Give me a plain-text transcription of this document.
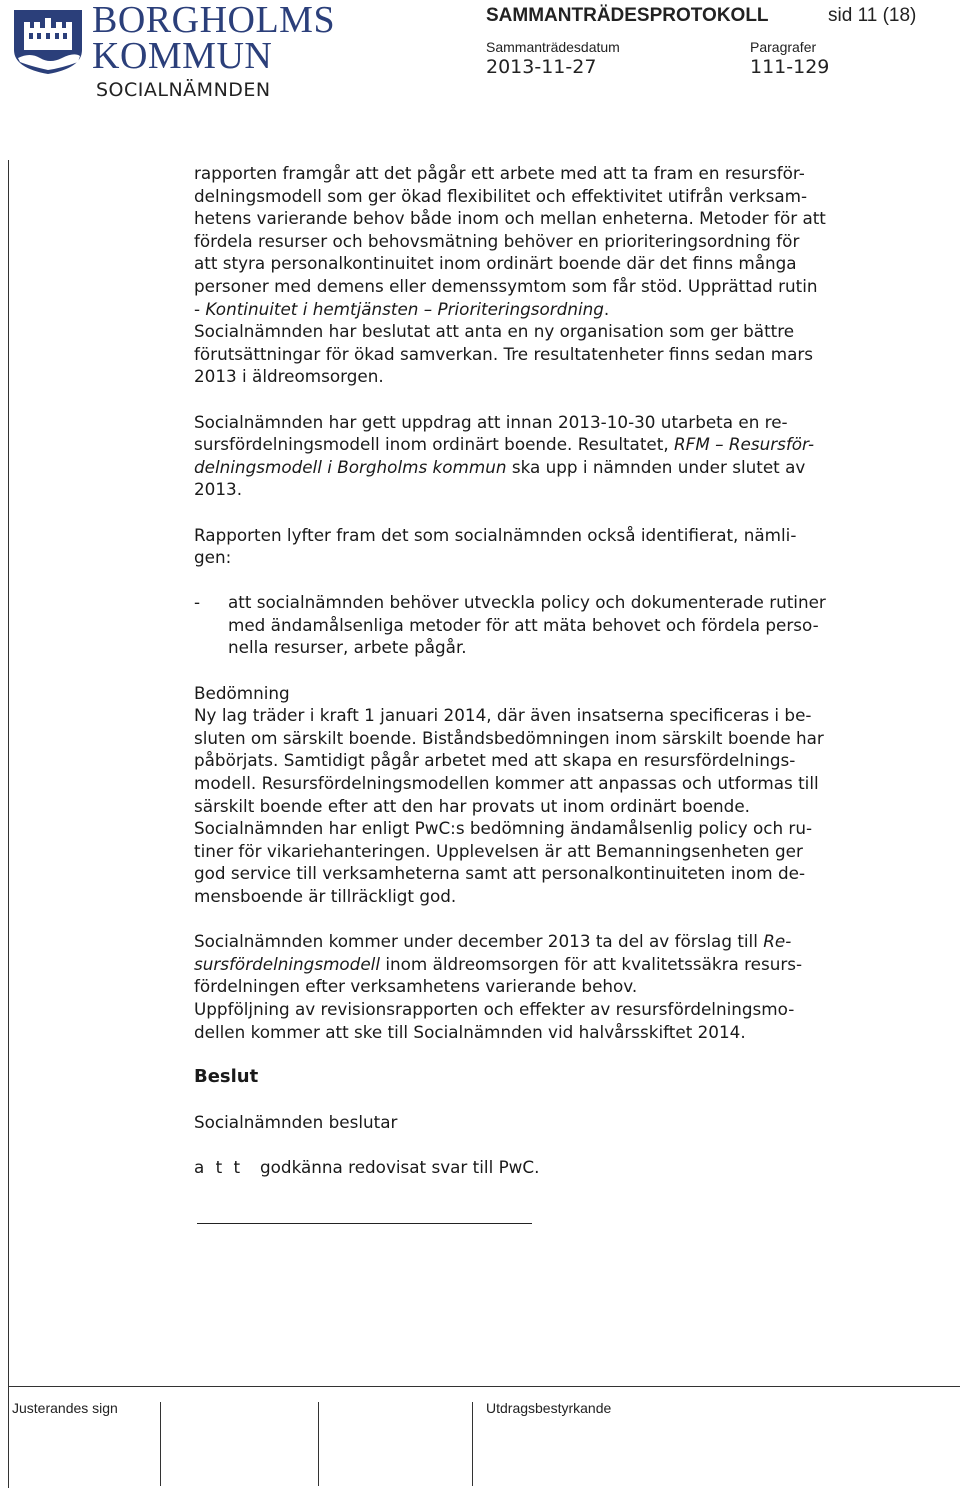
BORGHOLMS
KOMMUN
SOCIALNÄMNDEN
SAMMANTRÄDESPROTOKOLL	sid 11 (18)
Sammanträdesdatum	Paragrafer
2013-11-27	111-129

rapporten framgår att det pågår ett arbete med att ta fram en resursför-

delningsmodell som ger ökad flexibilitet och effektivitet utifrån verksam-

hetens varierande behov både inom och mellan enheterna. Metoder för att

fördela resurser och behovsmätning behöver en prioriteringsordning för

att styra personalkontinuitet inom ordinärt boende där det finns många

personer med demens eller demenssymtom som får stöd. Upprättad rutin

- Kontinuitet i hemtjänsten – Prioriteringsordning.

Socialnämnden har beslutat att anta en ny organisation som ger bättre

förutsättningar för ökad samverkan. Tre resultatenheter finns sedan mars

2013 i äldreomsorgen.

Socialnämnden har gett uppdrag att innan 2013-10-30 utarbeta en re-

sursfördelningsmodell inom ordinärt boende. Resultatet, RFM – Resursför-

delningsmodell i Borgholms kommun ska upp i nämnden under slutet av

2013.

Rapporten lyfter fram det som socialnämnden också identifierat, nämli-

gen:

- att socialnämnden behöver utveckla policy och dokumenterade rutiner

med ändamålsenliga metoder för att mäta behovet och fördela perso-

nella resurser, arbete pågår.

Bedömning

Ny lag träder i kraft 1 januari 2014, där även insatserna specificeras i be-

sluten om särskilt boende. Biståndsbedömningen inom särskilt boende har

påbörjats. Samtidigt pågår arbetet med att skapa en resursfördelnings-

modell. Resursfördelningsmodellen kommer att anpassas och utformas till

särskilt boende efter att den har provats ut inom ordinärt boende.

Socialnämnden har enligt PwC:s bedömning ändamålsenlig policy och ru-

tiner för vikariehanteringen. Upplevelsen är att Bemanningsenheten ger

god service till verksamheterna samt att personalkontinuiteten inom de-

mensboende är tillräckligt god.

Socialnämnden kommer under december 2013 ta del av förslag till Re-

sursfördelningsmodell inom äldreomsorgen för att kvalitetssäkra resurs-

fördelningen efter verksamhetens varierande behov.

Uppföljning av revisionsrapporten och effekter av resursfördelningsmo-

dellen kommer att ske till Socialnämnden vid halvårsskiftet 2014.

Beslut

Socialnämnden beslutar

a t t godkänna redovisat svar till PwC.

Justerandes sign	Utdragsbestyrkande
